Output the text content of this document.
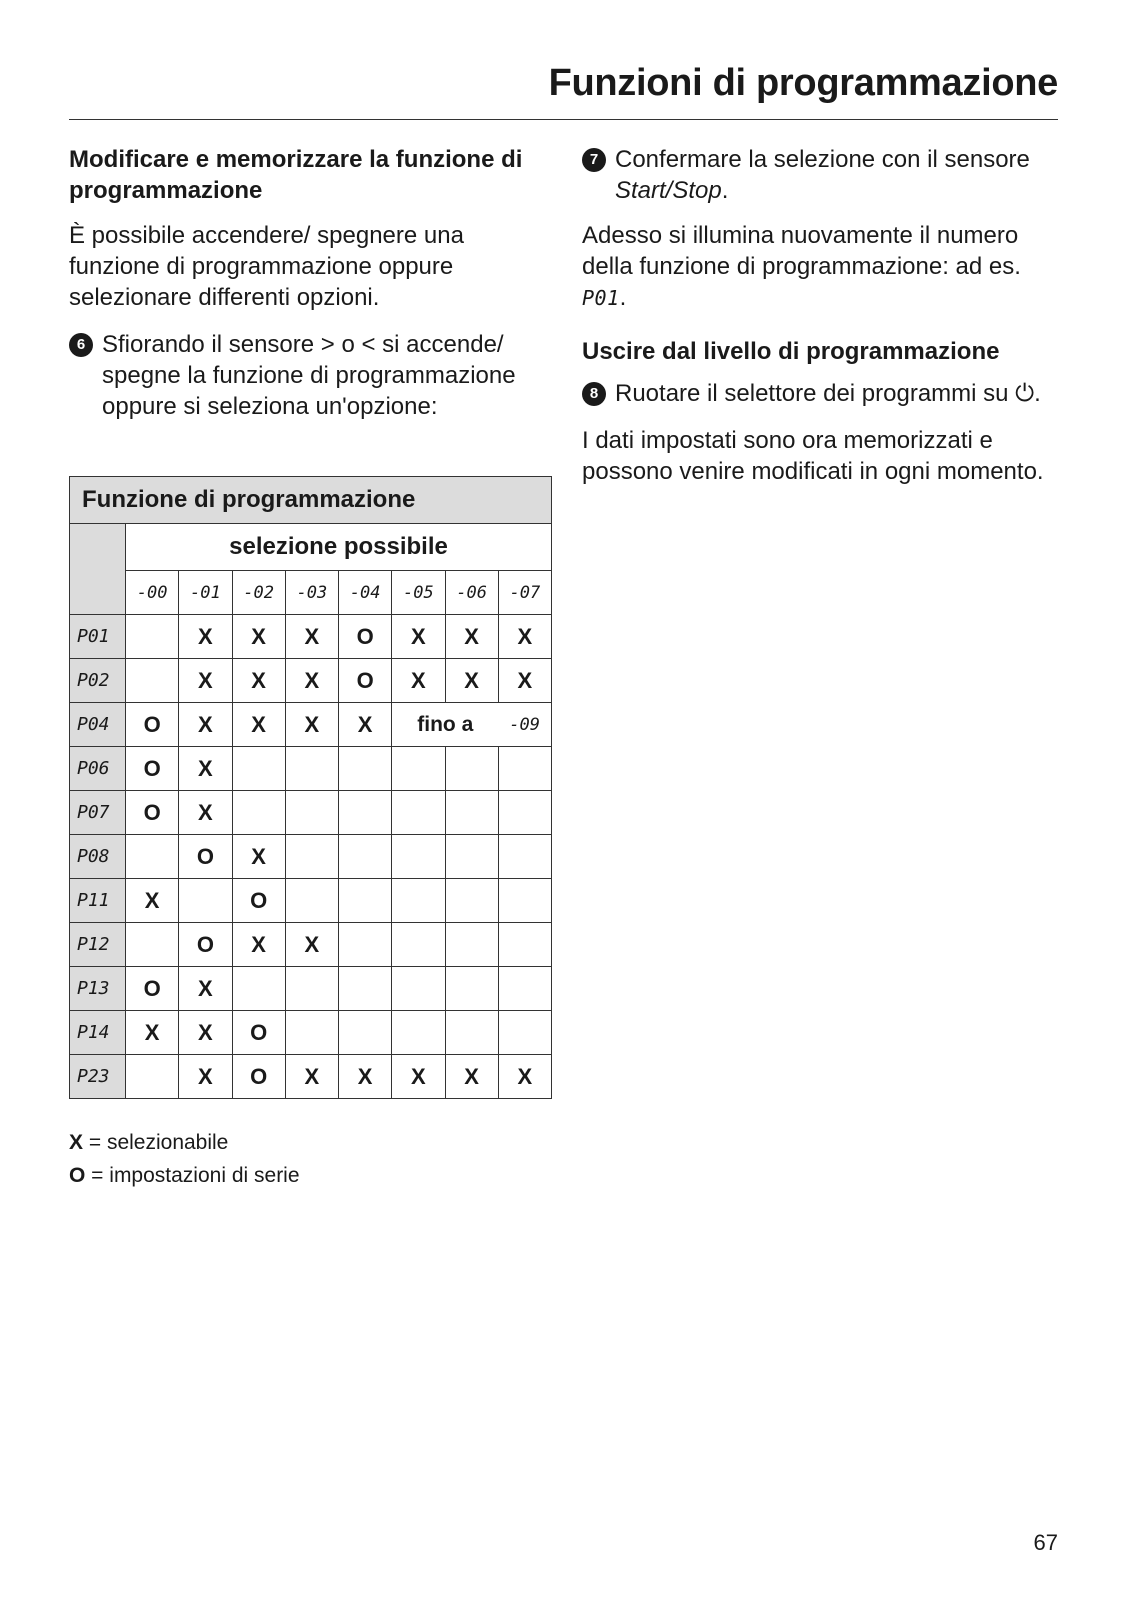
Funzioni di programmazione
Modificare e memorizzare la funzione di programmazione

È possibile accendere/ spegnere una funzione di programmazione oppure selezionare differenti opzioni.

6 Sfiorando il sensore > o < si accende/ spegne la funzione di programmazione oppure si seleziona un'opzione:

Funzione di programmazione								
	selezione possibile							
	-00	-01	-02	-03	-04	-05	-06	-07
P01		X	X	X	O	X	X	X
P02		X	X	X	O	X	X	X
P04	O	X	X	X	X	fino a		-09
P06	O	X						
P07	O	X						
P08		O	X					
P11	X		O					
P12		O	X	X				
P13	O	X						
P14	X	X	O					
P23		X	O	X	X	X	X	X
X = selezionabile
O = impostazioni di serie
7 Confermare la selezione con il sensore Start/Stop.

Adesso si illumina nuovamente il numero della funzione di programmazione: ad es. P01.

Uscire dal livello di programmazione
8 Ruotare il selettore dei programmi su ⏻.

I dati impostati sono ora memorizzati e possono venire modificati in ogni momento.

67
